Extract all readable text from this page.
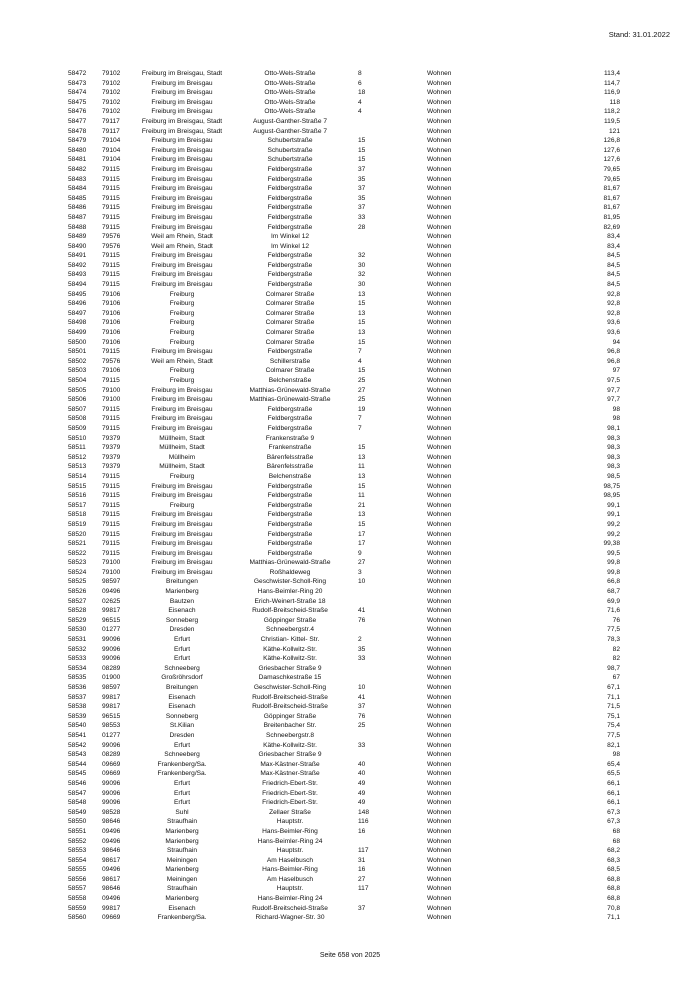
Stand: 31.01.2022
58472	79102	Freiburg im Breisgau, Stadt	Otto-Wels-Straße	8	Wohnen	113,4
58473	79102	Freiburg im Breisgau	Otto-Wels-Straße	6	Wohnen	114,7
58474	79102	Freiburg im Breisgau	Otto-Wels-Straße	18	Wohnen	116,9
58475	79102	Freiburg im Breisgau	Otto-Wels-Straße	4	Wohnen	118
58476	79102	Freiburg im Breisgau	Otto-Wels-Straße	4	Wohnen	118,2
58477	79117	Freiburg im Breisgau, Stadt	August-Ganther-Straße 7	Wohnen	119,5
58478	79117	Freiburg im Breisgau, Stadt	August-Ganther-Straße 7	Wohnen	121
58479	79104	Freiburg im Breisgau	Schubertstraße	15	Wohnen	126,8
58480	79104	Freiburg im Breisgau	Schubertstraße	15	Wohnen	127,6
58481	79104	Freiburg im Breisgau	Schubertstraße	15	Wohnen	127,6
58482	79115	Freiburg im Breisgau	Feldbergstraße	37	Wohnen	79,65
58483	79115	Freiburg im Breisgau	Feldbergstraße	35	Wohnen	79,65
58484	79115	Freiburg im Breisgau	Feldbergstraße	37	Wohnen	81,67
58485	79115	Freiburg im Breisgau	Feldbergstraße	35	Wohnen	81,67
58486	79115	Freiburg im Breisgau	Feldbergstraße	37	Wohnen	81,67
58487	79115	Freiburg im Breisgau	Feldbergstraße	33	Wohnen	81,95
58488	79115	Freiburg im Breisgau	Feldbergstraße	28	Wohnen	82,69
58489	79576	Weil am Rhein, Stadt	Im Winkel 12	Wohnen	83,4
58490	79576	Weil am Rhein, Stadt	Im Winkel 12	Wohnen	83,4
58491	79115	Freiburg im Breisgau	Feldbergstraße	32	Wohnen	84,5
58492	79115	Freiburg im Breisgau	Feldbergstraße	30	Wohnen	84,5
58493	79115	Freiburg im Breisgau	Feldbergstraße	32	Wohnen	84,5
58494	79115	Freiburg im Breisgau	Feldbergstraße	30	Wohnen	84,5
58495	79106	Freiburg	Colmarer Straße	13	Wohnen	92,8
58496	79106	Freiburg	Colmarer Straße	15	Wohnen	92,8
58497	79106	Freiburg	Colmarer Straße	13	Wohnen	92,8
58498	79106	Freiburg	Colmarer Straße	15	Wohnen	93,6
58499	79106	Freiburg	Colmarer Straße	13	Wohnen	93,6
58500	79106	Freiburg	Colmarer Straße	15	Wohnen	94
58501	79115	Freiburg im Breisgau	Feldbergstraße	7	Wohnen	96,8
58502	79576	Weil am Rhein, Stadt	Schillerstraße	4	Wohnen	96,8
58503	79106	Freiburg	Colmarer Straße	15	Wohnen	97
58504	79115	Freiburg	Belchenstraße	25	Wohnen	97,5
58505	79100	Freiburg im Breisgau	Matthias-Grünewald-Straße	27	Wohnen	97,7
58506	79100	Freiburg im Breisgau	Matthias-Grünewald-Straße	25	Wohnen	97,7
58507	79115	Freiburg im Breisgau	Feldbergstraße	19	Wohnen	98
58508	79115	Freiburg im Breisgau	Feldbergstraße	7	Wohnen	98
58509	79115	Freiburg im Breisgau	Feldbergstraße	7	Wohnen	98,1
58510	79379	Müllheim, Stadt	Frankenstraße 9	Wohnen	98,3
58511	79379	Müllheim, Stadt	Frankenstraße	15	Wohnen	98,3
58512	79379	Müllheim	Bärenfelsstraße	13	Wohnen	98,3
58513	79379	Müllheim, Stadt	Bärenfelsstraße	11	Wohnen	98,3
58514	79115	Freiburg	Belchenstraße	13	Wohnen	98,5
58515	79115	Freiburg im Breisgau	Feldbergstraße	15	Wohnen	98,75
58516	79115	Freiburg im Breisgau	Feldbergstraße	11	Wohnen	98,95
58517	79115	Freiburg	Feldbergstraße	21	Wohnen	99,1
58518	79115	Freiburg im Breisgau	Feldbergstraße	13	Wohnen	99,1
58519	79115	Freiburg im Breisgau	Feldbergstraße	15	Wohnen	99,2
58520	79115	Freiburg im Breisgau	Feldbergstraße	17	Wohnen	99,2
58521	79115	Freiburg im Breisgau	Feldbergstraße	17	Wohnen	99,38
58522	79115	Freiburg im Breisgau	Feldbergstraße	9	Wohnen	99,5
58523	79100	Freiburg im Breisgau	Matthias-Grünewald-Straße	27	Wohnen	99,8
58524	79100	Freiburg im Breisgau	Roßhaldeweg	3	Wohnen	99,8
58525	98597	Breitungen	Geschwister-Scholl-Ring	10	Wohnen	66,8
58526	09496	Marienberg	Hans-Beimler-Ring 20	Wohnen	68,7
58527	02625	Bautzen	Erich-Weinert-Straße 18	Wohnen	69,9
58528	99817	Eisenach	Rudolf-Breitscheid-Straße	41	Wohnen	71,6
58529	96515	Sonneberg	Göppinger Straße	76	Wohnen	76
58530	01277	Dresden	Schneebergstr.4	Wohnen	77,5
58531	99096	Erfurt	Christian- Kittel- Str.	2	Wohnen	78,3
58532	99096	Erfurt	Käthe-Kollwitz-Str.	35	Wohnen	82
58533	99096	Erfurt	Käthe-Kollwitz-Str.	33	Wohnen	82
58534	08289	Schneeberg	Griesbacher Straße 9	Wohnen	98,7
58535	01900	Großröhrsdorf	Damaschkestraße 15	Wohnen	67
58536	98597	Breitungen	Geschwister-Scholl-Ring	10	Wohnen	67,1
58537	99817	Eisenach	Rudolf-Breitscheid-Straße	41	Wohnen	71,1
58538	99817	Eisenach	Rudolf-Breitscheid-Straße	37	Wohnen	71,5
58539	96515	Sonneberg	Göppinger Straße	76	Wohnen	75,1
58540	98553	St.Kilian	Breitenbacher Str.	25	Wohnen	75,4
58541	01277	Dresden	Schneebergstr.8	Wohnen	77,5
58542	99096	Erfurt	Käthe-Kollwitz-Str.	33	Wohnen	82,1
58543	08289	Schneeberg	Griesbacher Straße 9	Wohnen	98
58544	09669	Frankenberg/Sa.	Max-Kästner-Straße	40	Wohnen	65,4
58545	09669	Frankenberg/Sa.	Max-Kästner-Straße	40	Wohnen	65,5
58546	99096	Erfurt	Friedrich-Ebert-Str.	49	Wohnen	66,1
58547	99096	Erfurt	Friedrich-Ebert-Str.	49	Wohnen	66,1
58548	99096	Erfurt	Friedrich-Ebert-Str.	49	Wohnen	66,1
58549	98528	Suhl	Zellaer Straße	148	Wohnen	67,3
58550	98646	Straufhain	Hauptstr.	116	Wohnen	67,3
58551	09496	Marienberg	Hans-Beimler-Ring	16	Wohnen	68
58552	09496	Marienberg	Hans-Beimler-Ring 24	Wohnen	68
58553	98646	Straufhain	Hauptstr.	117	Wohnen	68,2
58554	98617	Meiningen	Am Haselbusch	31	Wohnen	68,3
58555	09496	Marienberg	Hans-Beimler-Ring	16	Wohnen	68,5
58556	98617	Meiningen	Am Haselbusch	27	Wohnen	68,8
58557	98646	Straufhain	Hauptstr.	117	Wohnen	68,8
58558	09496	Marienberg	Hans-Beimler-Ring 24	Wohnen	68,8
58559	99817	Eisenach	Rudolf-Breitscheid-Straße	37	Wohnen	70,8
58560	09669	Frankenberg/Sa.	Richard-Wagner-Str. 30	Wohnen	71,1
Seite 658 von 2025
